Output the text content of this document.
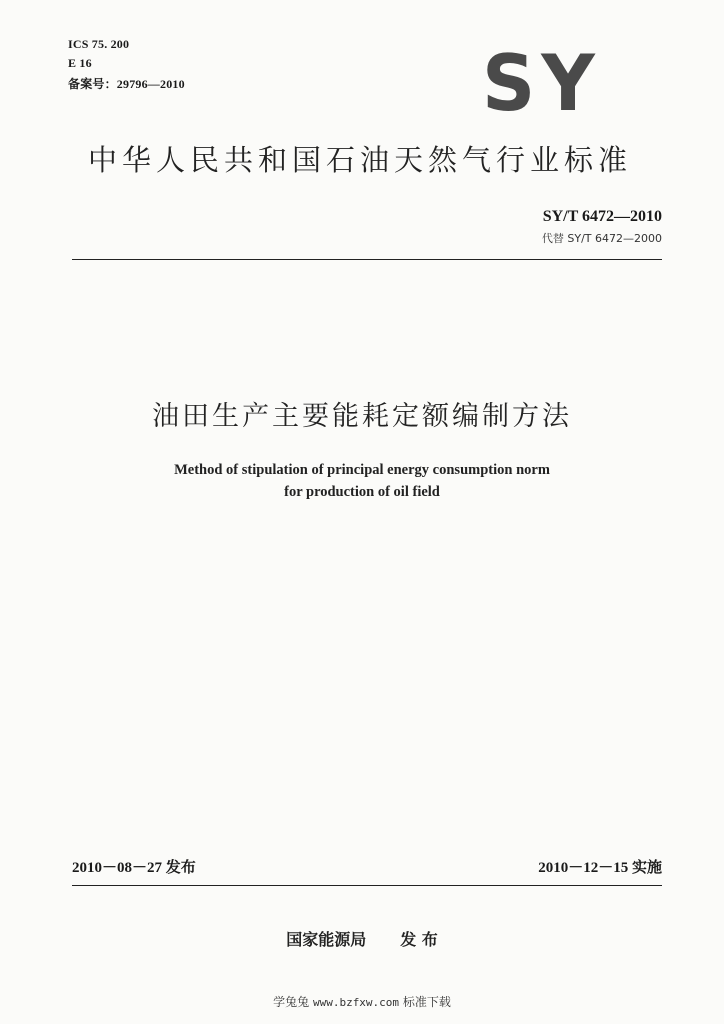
ICS 75. 200
E 16
备案号：29796—2010	SY
中华人民共和国石油天然气行业标准
SY/T 6472—2010
代替 SY/T 6472—2000
油田生产主要能耗定额编制方法
Method of stipulation of principal energy consumption norm
for production of oil field
2010－08－27 发布	2010－12－15 实施
国家能源局 发 布
学兔兔 www.bzfxw.com 标准下载
